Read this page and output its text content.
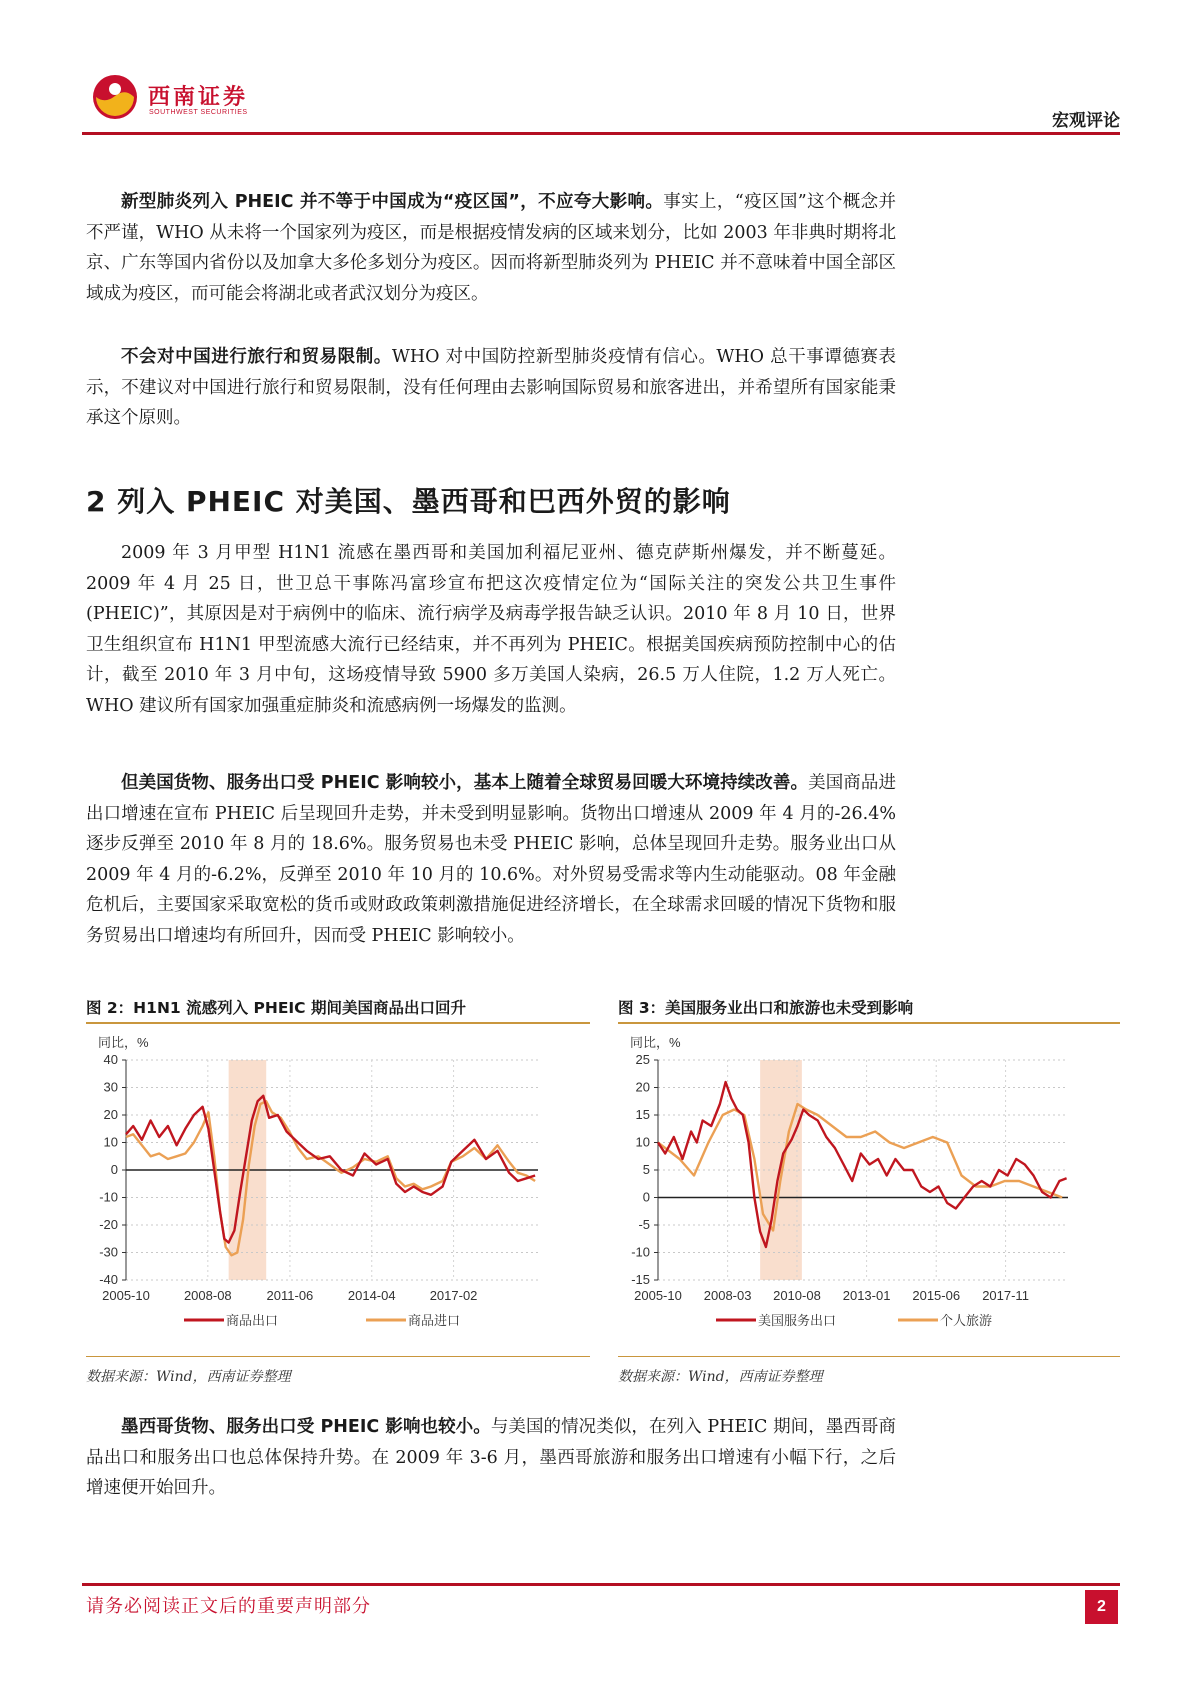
西南证券
SOUTHWEST SECURITIES	宏观评论
新型肺炎列入 PHEIC 并不等于中国成为“疫区国”，不应夸大影响。事实上，“疫区国”这个概念并不严谨，WHO 从未将一个国家列为疫区，而是根据疫情发病的区域来划分，比如 2003 年非典时期将北京、广东等国内省份以及加拿大多伦多划分为疫区。因而将新型肺炎列为 PHEIC 并不意味着中国全部区域成为疫区，而可能会将湖北或者武汉划分为疫区。
不会对中国进行旅行和贸易限制。WHO 对中国防控新型肺炎疫情有信心。WHO 总干事谭德赛表示，不建议对中国进行旅行和贸易限制，没有任何理由去影响国际贸易和旅客进出，并希望所有国家能秉承这个原则。
2 列入 PHEIC 对美国、墨西哥和巴西外贸的影响
2009 年 3 月甲型 H1N1 流感在墨西哥和美国加利福尼亚州、德克萨斯州爆发，并不断蔓延。2009 年 4 月 25 日，世卫总干事陈冯富珍宣布把这次疫情定位为“国际关注的突发公共卫生事件(PHEIC)”，其原因是对于病例中的临床、流行病学及病毒学报告缺乏认识。2010 年 8 月 10 日，世界卫生组织宣布 H1N1 甲型流感大流行已经结束，并不再列为 PHEIC。根据美国疾病预防控制中心的估计，截至 2010 年 3 月中旬，这场疫情导致 5900 多万美国人染病，26.5 万人住院，1.2 万人死亡。WHO 建议所有国家加强重症肺炎和流感病例一场爆发的监测。
但美国货物、服务出口受 PHEIC 影响较小，基本上随着全球贸易回暖大环境持续改善。美国商品进出口增速在宣布 PHEIC 后呈现回升走势，并未受到明显影响。货物出口增速从 2009 年 4 月的-26.4%逐步反弹至 2010 年 8 月的 18.6%。服务贸易也未受 PHEIC 影响，总体呈现回升走势。服务业出口从 2009 年 4 月的-6.2%，反弹至 2010 年 10 月的 10.6%。对外贸易受需求等内生动能驱动。08 年金融危机后，主要国家采取宽松的货币或财政政策刺激措施促进经济增长，在全球需求回暖的情况下货物和服务贸易出口增速均有所回升，因而受 PHEIC 影响较小。
图 2：H1N1 流感列入 PHEIC 期间美国商品出口回升
同比，%
40
30
20
10
0
-10
-20
-30
-40
2005-10	2008-08	2011-06	2014-04	2017-02
商品出口	商品进口
数据来源：Wind，西南证券整理
图 3：美国服务业出口和旅游也未受到影响
同比，%
25
20
15
10
5
0
-5
-10
-15
2005-10 2008-03 2010-08 2013-01 2015-06 2017-11
美国服务出口	个人旅游
数据来源：Wind，西南证券整理
墨西哥货物、服务出口受 PHEIC 影响也较小。与美国的情况类似，在列入 PHEIC 期间，墨西哥商品出口和服务出口也总体保持升势。在 2009 年 3-6 月，墨西哥旅游和服务出口增速有小幅下行，之后增速便开始回升。
请务必阅读正文后的重要声明部分	2
